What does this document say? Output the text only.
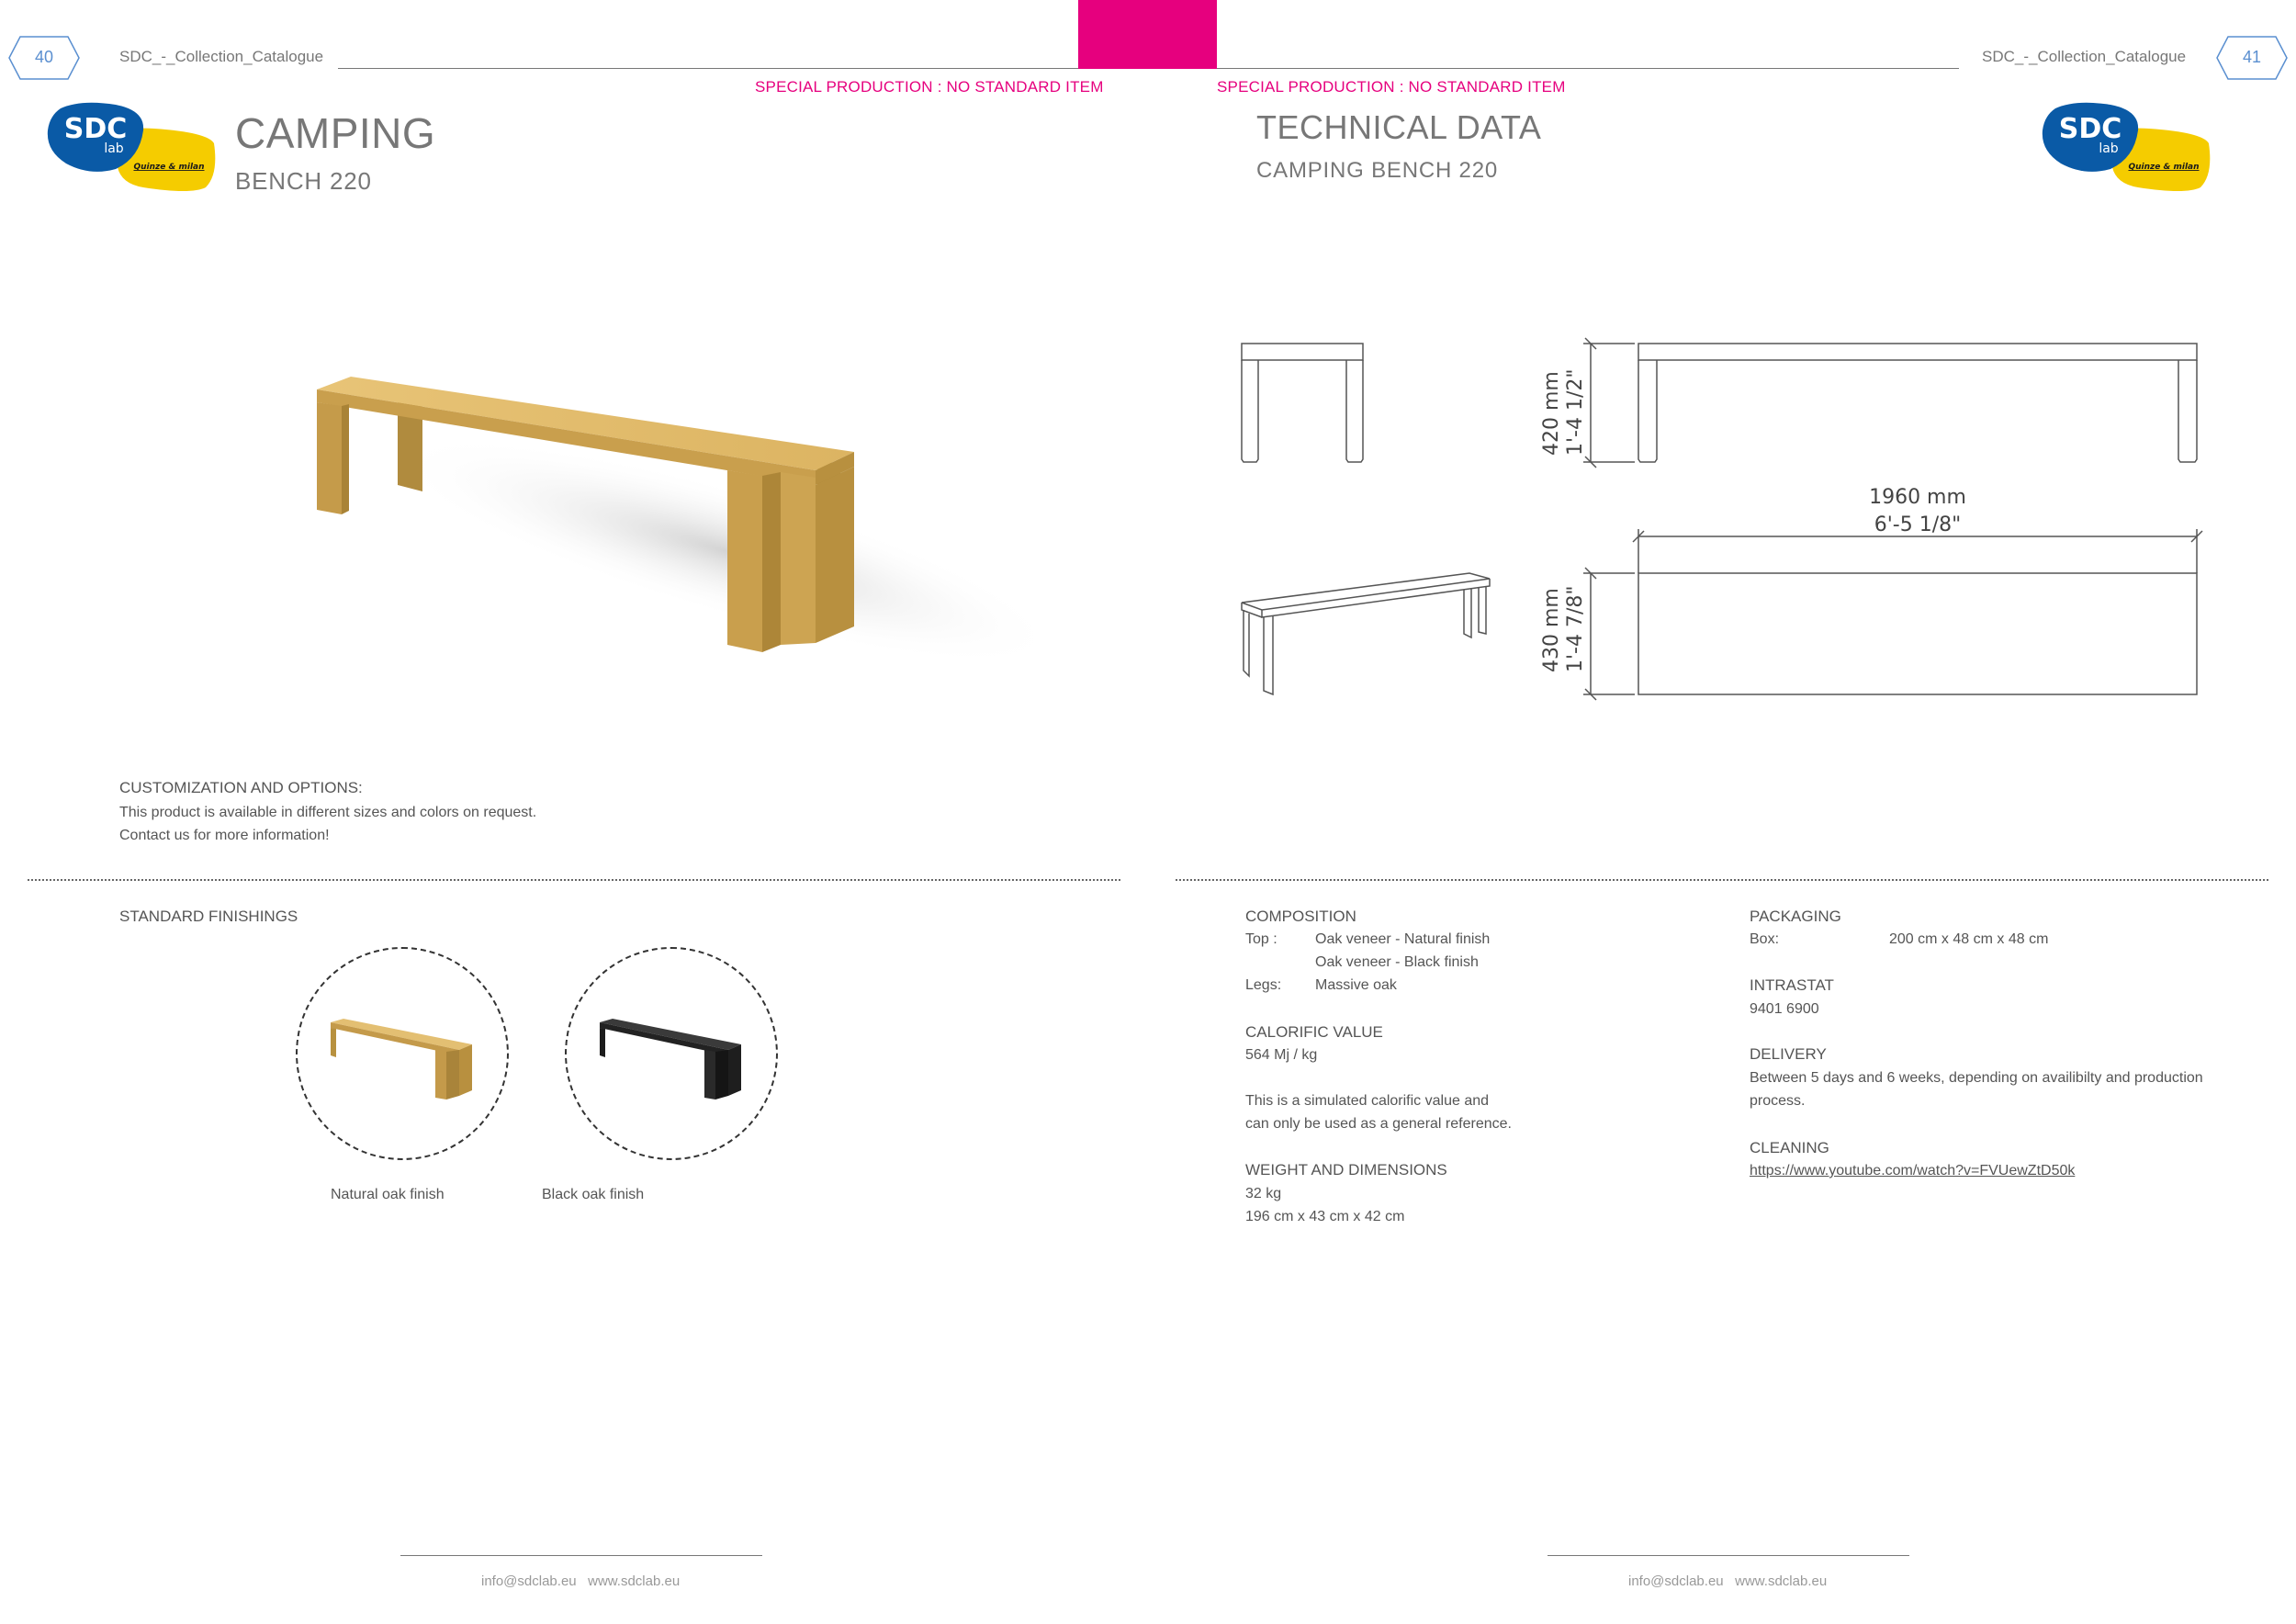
40	SDC_-_Collection_Catalogue	SDC_-_Collection_Catalogue	41
SPECIAL PRODUCTION : NO STANDARD ITEM	SPECIAL PRODUCTION : NO STANDARD ITEM
SDC
lab
Quinze & milan
SDC
lab
Quinze & milan
CAMPING
BENCH 220
CUSTOMIZATION AND OPTIONS:
This product is available in different sizes and colors on request.
Contact us for more information!
STANDARD FINISHINGS
Natural oak finish	Black oak finish
info@sdclab.eu   www.sdclab.eu
TECHNICAL DATA
CAMPING BENCH 220
420 mm 1'-4 1/2"
1960 mm
6'-5 1/8"
430 mm 1'-4 7/8"
COMPOSITION
Top :	Oak veneer - Natural finish
Oak veneer - Black finish
Legs: Massive oak
CALORIFIC VALUE
564 Mj / kg
This is a simulated calorific value and
can only be used as a general reference.
WEIGHT AND DIMENSIONS
32 kg
196 cm x 43 cm x 42 cm
PACKAGING
Box:	200 cm x 48 cm x 48 cm
INTRASTAT
9401 6900
DELIVERY
Between 5 days and 6 weeks, depending on availibilty and production
process.
CLEANING
https://www.youtube.com/watch?v=FVUewZtD50k
info@sdclab.eu   www.sdclab.eu
